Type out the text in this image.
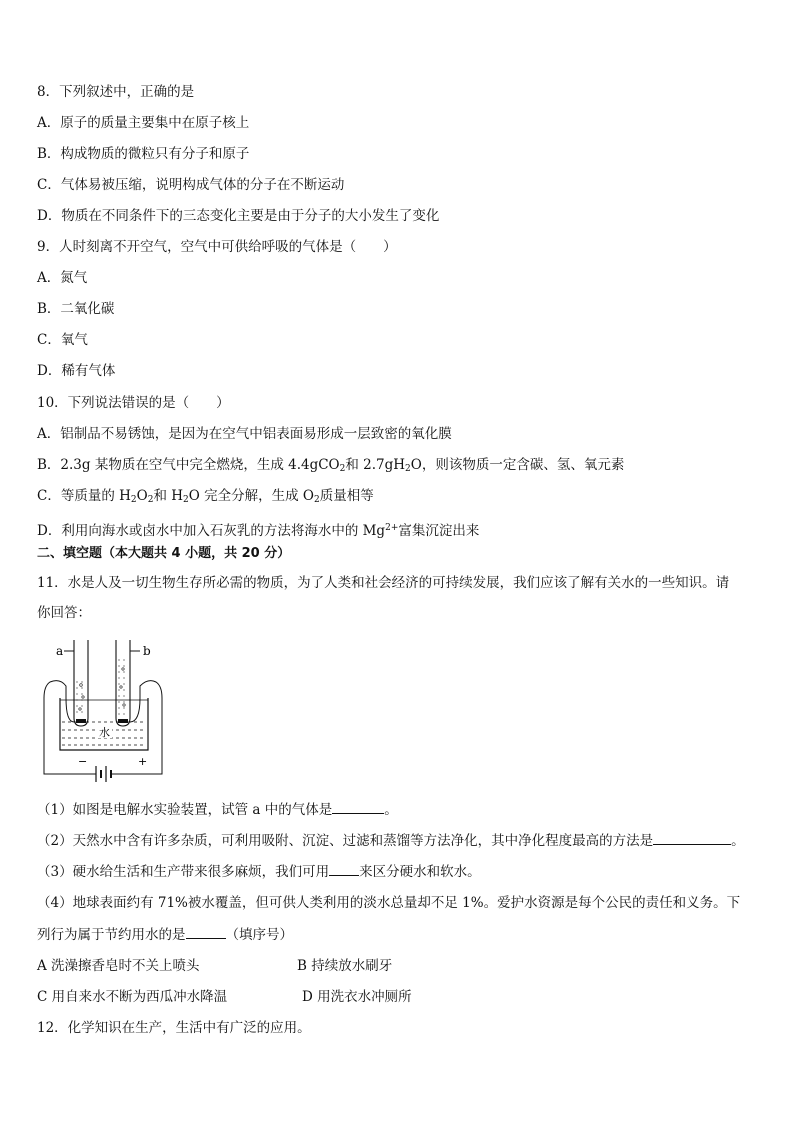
8．下列叙述中，正确的是
A．原子的质量主要集中在原子核上
B．构成物质的微粒只有分子和原子
C．气体易被压缩，说明构成气体的分子在不断运动
D．物质在不同条件下的三态变化主要是由于分子的大小发生了变化
9．人时刻离不开空气，空气中可供给呼吸的气体是（　　）
A．氮气
B．二氧化碳
C．氧气
D．稀有气体
10．下列说法错误的是（　　）
A．铝制品不易锈蚀，是因为在空气中铝表面易形成一层致密的氧化膜
B．2.3g 某物质在空气中完全燃烧，生成 4.4gCO$_2$和 $2.7gH_2O$，则该物质一定含碳、氢、氧元素
C．等质量的 $H_2O_2$和 $H_2O$ 完全分解，生成 $O_2$质量相等
D．利用向海水或卤水中加入石灰乳的方法将海水中的 $Mg^{2+}$富集沉淀出来
二、填空题（本大题共 4 小题，共 20 分）
11．水是人及一切生物生存所必需的物质，为了人类和社会经济的可持续发展，我们应该了解有关水的一些知识。请
你回答：
a	b
水
−	+
（1）如图是电解水实验装置，试管 a 中的气体是	。
（2）天然水中含有许多杂质，可利用吸附、沉淀、过滤和蒸馏等方法净化，其中净化程度最高的方法是	。
（3）硬水给生活和生产带来很多麻烦，我们可用 来区分硬水和软水。
（4）地球表面约有 71%被水覆盖，但可供人类利用的淡水总量却不足 1%。爱护水资源是每个公民的责任和义务。下
列行为属于节约用水的是	（填序号）
A 洗澡擦香皂时不关上喷头	B 持续放水刷牙
C 用自来水不断为西瓜冲水降温	D 用洗衣水冲厕所
12．化学知识在生产，生活中有广泛的应用。
